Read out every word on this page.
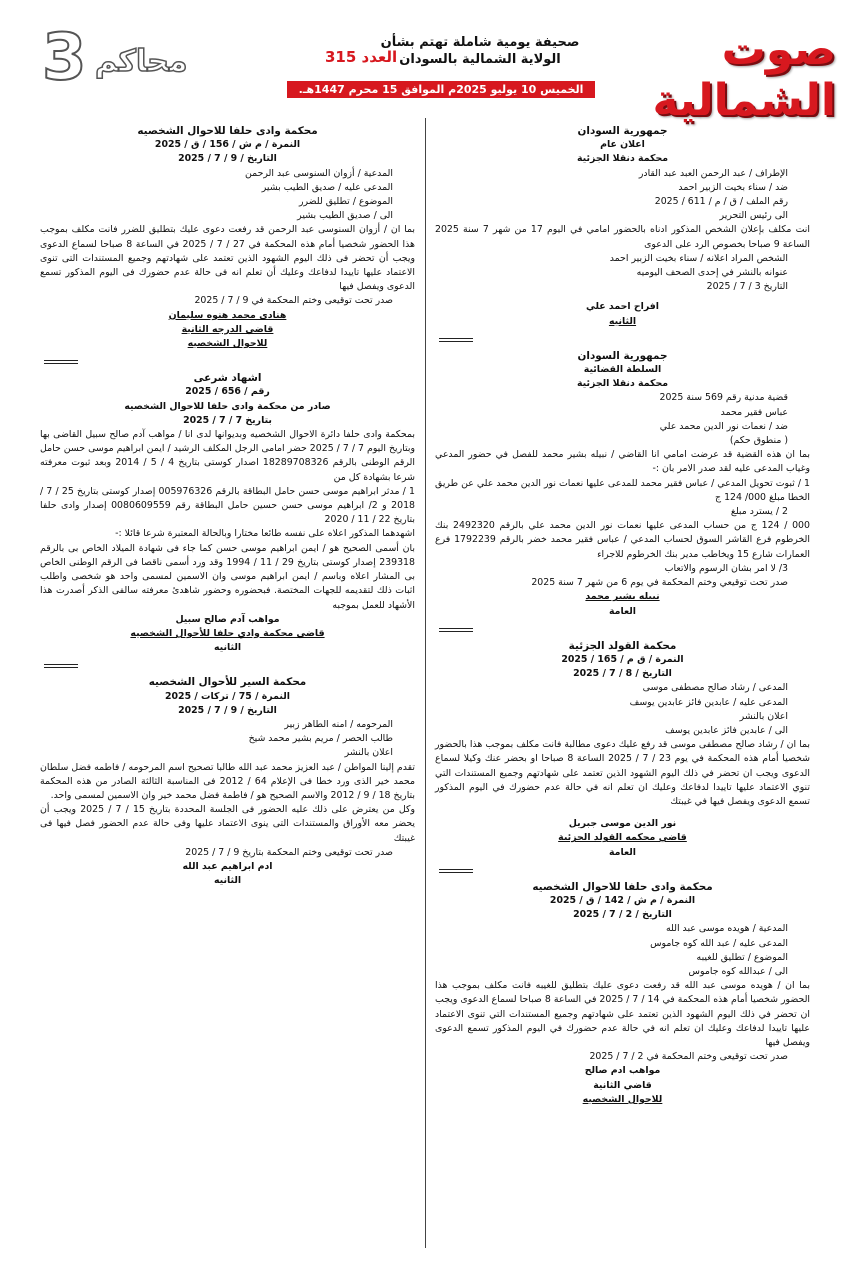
صوت الشمالية
صحيفة يومية شاملة تهتم بشأن
الولاية الشمالية بالسودان
العدد 315
الخميس 10 يوليو 2025م الموافق 15 محرم 1447هـ.
محاكم
3

جمهورية السودان

اعلان عام

محكمة دنقلا الجزئية

الإطراف / عبد الرحمن العبد عبد القادر

ضد / سناء بخيت الزبير احمد

رقم الملف / ق / م / 611 / 2025

الى رئيس التحرير

انت مكلف بإعلان الشخص المذكور ادناه بالحضور امامي في اليوم 17 من شهر 7 سنة 2025 الساعة 9 صباحا بخصوص الرد على الدعوى

الشخص المراد اعلانه / سناء بخيت الزبير احمد

عنوانه بالنشر في إحدى الصحف اليوميه

التاريخ 3 / 7 / 2025

افراح احمد علي

الثانيه

جمهورية السودان

السلطة القضائية

محكمة دنقلا الجزئية

قضية مدنية رقم 569 سنة 2025

عباس فقير محمد

ضد / نعمات نور الدين محمد علي

( منطوق حكم)

بما ان هذه القضية قد عرضت امامي انا القاضي / نبيله بشير محمد للفصل في حضور المدعي وغياب المدعى عليه لقد صدر الامر بان :-

1 / ثبوت تحويل المدعي / عباس فقير محمد للمدعى عليها نعمات نور الدين محمد علي عن طريق الخطا مبلغ 000/ 124 ج

2 / يسترد مبلغ

000 / 124 ج من حساب المدعى عليها نعمات نور الدين محمد علي بالرقم 2492320 بنك الخرطوم فرع القاشر السوق لحساب المدعي / عباس فقير محمد خضر بالرقم 1792239 فرع العمارات شارع 15 ويخاطب مدير بنك الخرطوم للاجراء

3/ لا امر بشان الرسوم والاتعاب

صدر تحت توقيعي وختم المحكمة في يوم 6 من شهر 7 سنة 2025

نبيله بشير محمد

العامة

محكمة القولد الجزئية

النمرة / ق م / 165 / 2025

التاريخ / 8 / 7 / 2025

المدعى / رشاد صالح مصطفى موسى

المدعى عليه / عابدين فائز عابدين يوسف

اعلان بالنشر

الى / عابدين فائز عابدين يوسف

بما ان / رشاد صالح مصطفى موسى قد رفع عليك دعوى مطالبة فانت مكلف بموجب هذا بالحضور شخصيا أمام هذه المحكمة في يوم 23 / 7 / 2025 الساعة 8 صباحا او بحضر عنك وكيلا لسماع الدعوى ويجب ان تحضر في ذلك اليوم الشهود الذين تعتمد على شهادتهم وجميع المستندات التي تنوي الاعتماد عليها تاييدا لدفاعك وعليك ان تعلم انه في حالة عدم حضورك في اليوم المذكور تسمع الدعوى ويفصل فيها في غيبتك

نور الدين موسى جبريل

قاضي محكمه القولد الجزئية

العامة

محكمة وادى حلفا للاحوال الشخصيه

النمرة / م ش / 142 / ق / 2025

التاريخ / 2 / 7 / 2025

المدعية / هويده موسى عبد الله

المدعى عليه / عبد الله كوه جاموس

الموضوع / تطليق للغيبه

الى / عبدالله كوه جاموس

بما ان / هويده موسى عبد الله قد رفعت دعوى عليك بتطليق للغيبه فانت مكلف بموجب هذا الحضور شخصيا أمام هذه المحكمة في 14 / 7 / 2025 في الساعة 8 صباحا لسماع الدعوى ويجب ان تحضر في ذلك اليوم الشهود الذين تعتمد على شهادتهم وجميع المستندات التي تنوى الاعتماد عليها تاييدا لدفاعك وعليك ان تعلم انه في حالة عدم حضورك في اليوم المذكور تسمع الدعوى ويفصل فيها

صدر تحت توقيعى وختم المحكمة في 2 / 7 / 2025

مواهب ادم صالح

قاضي الثانية

للاحوال الشخصيه

محكمة وادى حلفا للاحوال الشخصيه

النمرة / م ش / 156 / ق / 2025

التاريخ / 9 / 7 / 2025

المدعية / أزوان السنوسى عبد الرحمن

المدعى عليه / صديق الطيب بشير

الموضوع / تطليق للضرر

الى / صديق الطيب بشير

بما ان / أزوان السنوسى عبد الرحمن قد رفعت دعوى عليك بتطليق للضرر فانت مكلف بموجب هذا الحضور شخصيا أمام هذه المحكمة في 27 / 7 / 2025 في الساعة 8 صباحا لسماع الدعوى ويجب أن تحضر فى ذلك اليوم الشهود الذين تعتمد على شهادتهم وجميع المستندات التى تنوى الاعتماد عليها تاييدا لدفاعك وعليك أن تعلم انه فى حالة عدم حضورك فى اليوم المذكور تسمع الدعوى ويفصل فيها

صدر تحت توقيعى وختم المحكمة في 9 / 7 / 2025

هنادى محمد هنوه سليمان

قاضي الدرجه الثانية

للاحوال الشخصيه

اشهاد شرعى

رقم / 656 / 2025

صادر من محكمة وادى حلفا للاحوال الشخصيه

بتاريخ 7 / 7 / 2025

بمحكمة وادى حلفا دائرة الاحوال الشخصيه وبديوانها لدى انا / مواهب آدم صالح سبيل القاضى بها وبتاريخ اليوم 7 / 7 / 2025 حضر امامى الرجل المكلف الرشيد / ايمن ابراهيم موسى حسن حامل الرقم الوطنى بالرقم 18289708326 اصدار كوستى بتاريخ 4 / 5 / 2014 وبعد ثبوت معرفته شرعا بشهادة كل من

1 / مدثر ابراهيم موسى حسن حامل البطاقة بالرقم 005976326 إصدار كوستى بتاريخ 25 / 7 / 2018 و 2/ ابراهيم موسى حسن حسين حامل البطاقة رقم 0080609559 إصدار وادى حلفا بتاريخ 22 / 11 / 2020

اشهدهما المذكور اعلاه على نفسه طائعا مختارا وبالحالة المعتبرة شرعا قائلا :-

بان أسمى الصحيح هو / ايمن ابراهيم موسى حسن كما جاء فى شهادة الميلاد الخاص بى بالرقم 239318 إصدار كوستى بتاريخ 29 / 11 / 1994 وقد ورد أسمى ناقصا فى الرقم الوطنى الخاص بى المشار اعلاه وباسم / ايمن ابراهيم موسى وان الاسمين لمسمى واحد هو شخصى واطلب اثبات ذلك لتقديمه للجهات المختصة. فبحضوره وحضور شاهدئ معرفته سالفى الذكر أصدرت هذا الأشهاد للعمل بموجبه

مواهب آدم صالح سبيل

قاضي محكمة وادي حلفا للأحوال الشخصيه

الثانيه

محكمة السير للأحوال الشخصيه

النمرة / 75 / تركات / 2025

التاريخ / 9 / 7 / 2025

المرحومه / امنه الطاهر زبير

طالب الحصر / مريم بشير محمد شيخ

اعلان بالنشر

تقدم إلينا المواطن / عبد العزيز محمد عبد الله طالبا تصحيح اسم المرحومه / فاطمه فضل سلطان محمد خير الذى ورد خطا فى الإعلام 64 / 2012 فى المناسبة الثالثة الصادر من هذه المحكمة بتاريخ 18 / 9 / 2012 والاسم الصحيح هو / فاطمة فضل محمد خير وان الاسمين لمسمى واحد.

وكل من يعترض على ذلك عليه الحضور فى الجلسة المحددة بتاريخ 15 / 7 / 2025 ويجب أن يحضر معه الأوراق والمستندات التى ينوى الاعتماد عليها وفى حالة عدم الحضور فصل فيها فى غيبتك

صدر تحت توقيعى وختم المحكمة بتاريخ 9 / 7 / 2025

ادم ابراهيم عبد الله

الثانيه
